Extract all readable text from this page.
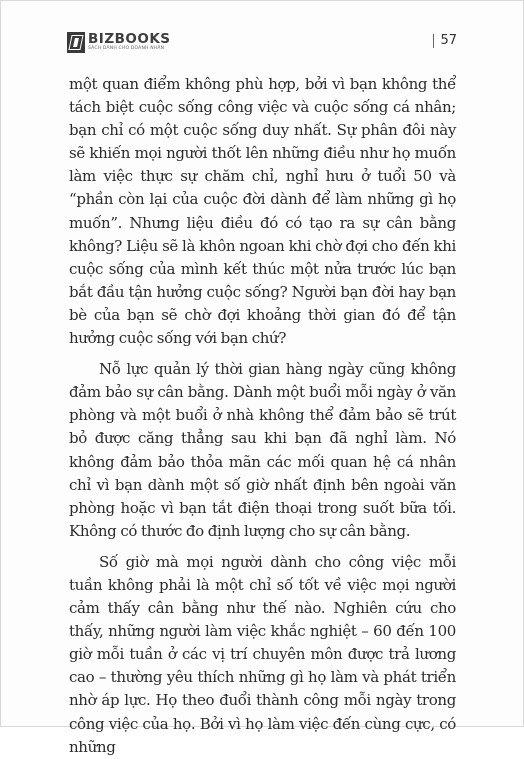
BIZBOOKS
SÁCH DÀNH CHO DOANH NHÂN
57

một quan điểm không phù hợp, bởi vì bạn không thể tách biệt cuộc sống công việc và cuộc sống cá nhân; bạn chỉ có một cuộc sống duy nhất. Sự phân đôi này sẽ khiến mọi người thốt lên những điều như họ muốn làm việc thực sự chăm chỉ, nghỉ hưu ở tuổi 50 và “phần còn lại của cuộc đời dành để làm những gì họ muốn”. Nhưng liệu điều đó có tạo ra sự cân bằng không? Liệu sẽ là khôn ngoan khi chờ đợi cho đến khi cuộc sống của mình kết thúc một nửa trước lúc bạn bắt đầu tận hưởng cuộc sống? Người bạn đời hay bạn bè của bạn sẽ chờ đợi khoảng thời gian đó để tận hưởng cuộc sống với bạn chứ?

Nỗ lực quản lý thời gian hàng ngày cũng không đảm bảo sự cân bằng. Dành một buổi mỗi ngày ở văn phòng và một buổi ở nhà không thể đảm bảo sẽ trút bỏ được căng thẳng sau khi bạn đã nghỉ làm. Nó không đảm bảo thỏa mãn các mối quan hệ cá nhân chỉ vì bạn dành một số giờ nhất định bên ngoài văn phòng hoặc vì bạn tắt điện thoại trong suốt bữa tối. Không có thước đo định lượng cho sự cân bằng.

Số giờ mà mọi người dành cho công việc mỗi tuần không phải là một chỉ số tốt về việc mọi người cảm thấy cân bằng như thế nào. Nghiên cứu cho thấy, những người làm việc khắc nghiệt – 60 đến 100 giờ mỗi tuần ở các vị trí chuyên môn được trả lương cao – thường yêu thích những gì họ làm và phát triển nhờ áp lực. Họ theo đuổi thành công mỗi ngày trong công việc của họ. Bởi vì họ làm việc đến cùng cực, có những
